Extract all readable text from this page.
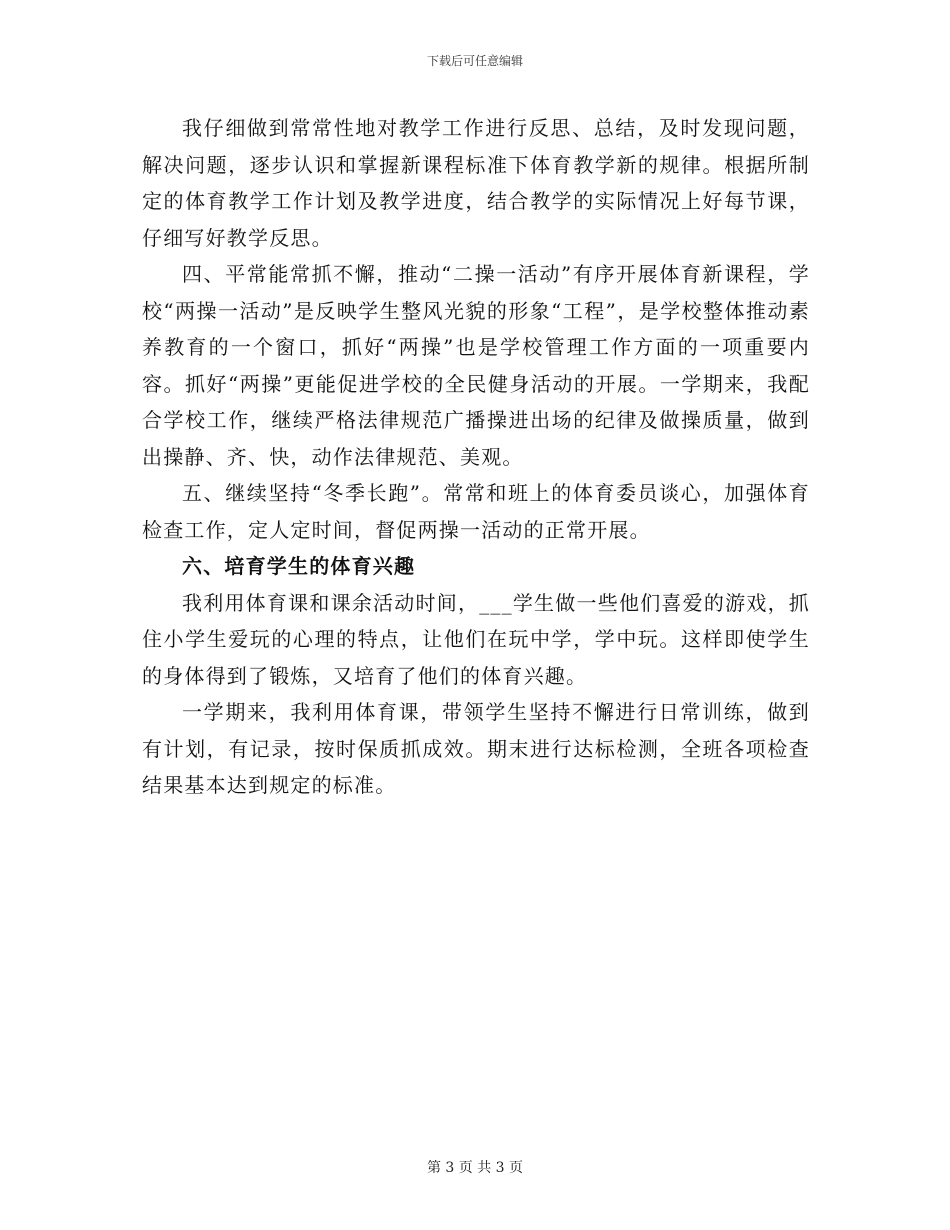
下载后可任意编辑

我仔细做到常常性地对教学工作进行反思、总结，及时发现问题，解决问题，逐步认识和掌握新课程标准下体育教学新的规律。根据所制定的体育教学工作计划及教学进度，结合教学的实际情况上好每节课，仔细写好教学反思。

四、平常能常抓不懈，推动“二操一活动”有序开展体育新课程，学校“两操一活动”是反映学生整风光貌的形象“工程”，是学校整体推动素养教育的一个窗口，抓好“两操”也是学校管理工作方面的一项重要内容。抓好“两操”更能促进学校的全民健身活动的开展。一学期来，我配合学校工作，继续严格法律规范广播操进出场的纪律及做操质量，做到出操静、齐、快，动作法律规范、美观。

五、继续坚持“冬季长跑”。常常和班上的体育委员谈心，加强体育检查工作，定人定时间，督促两操一活动的正常开展。

六、培育学生的体育兴趣

我利用体育课和课余活动时间，___学生做一些他们喜爱的游戏，抓住小学生爱玩的心理的特点，让他们在玩中学，学中玩。这样即使学生的身体得到了锻炼，又培育了他们的体育兴趣。

一学期来，我利用体育课，带领学生坚持不懈进行日常训练，做到有计划，有记录，按时保质抓成效。期末进行达标检测，全班各项检查结果基本达到规定的标准。

第 3 页 共 3 页
